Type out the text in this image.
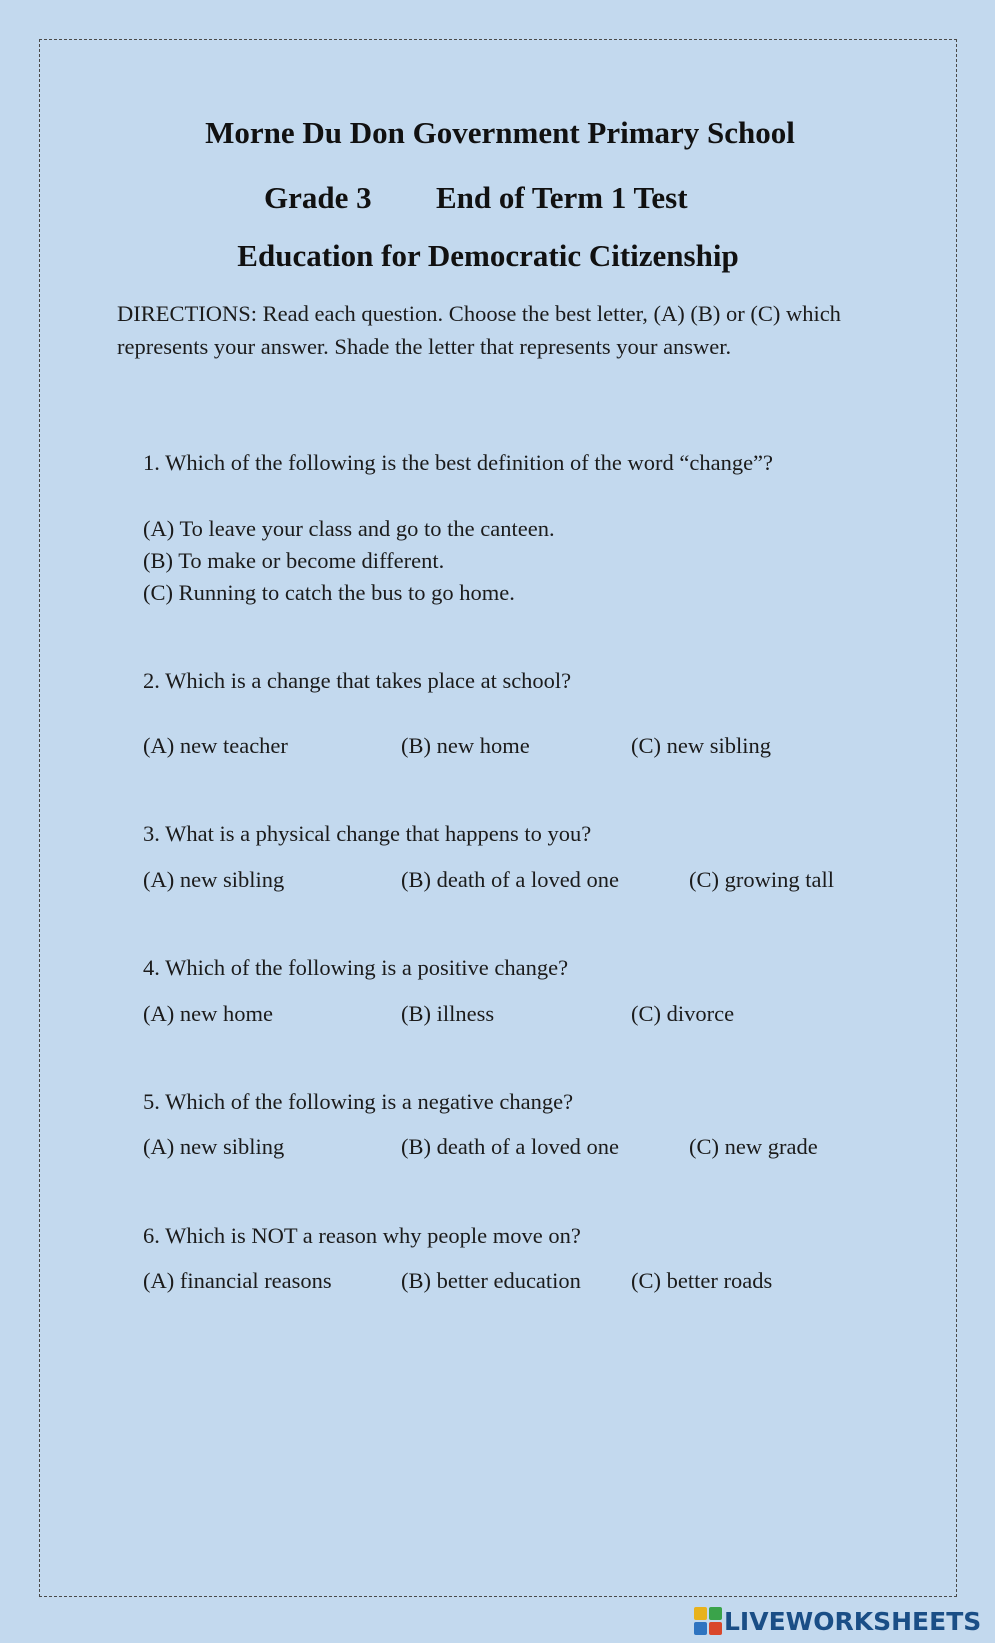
Morne Du Don Government Primary School
Grade 3 End of Term 1 Test
Education for Democratic Citizenship
DIRECTIONS: Read each question. Choose the best letter, (A) (B) or (C) which represents your answer. Shade the letter that represents your answer.
1. Which of the following is the best definition of the word “change”?
(A) To leave your class and go to the canteen.
(B) To make or become different.
(C) Running to catch the bus to go home.
2. Which is a change that takes place at school?
(A) new teacher	(B) new home	(C) new sibling
3. What is a physical change that happens to you?
(A) new sibling	(B) death of a loved one	(C) growing tall
4. Which of the following is a positive change?
(A) new home	(B) illness	(C) divorce
5. Which of the following is a negative change?
(A) new sibling	(B) death of a loved one	(C) new grade
6. Which is NOT a reason why people move on?
(A) financial reasons	(B) better education (C) better roads
LIVEWORKSHEETS
